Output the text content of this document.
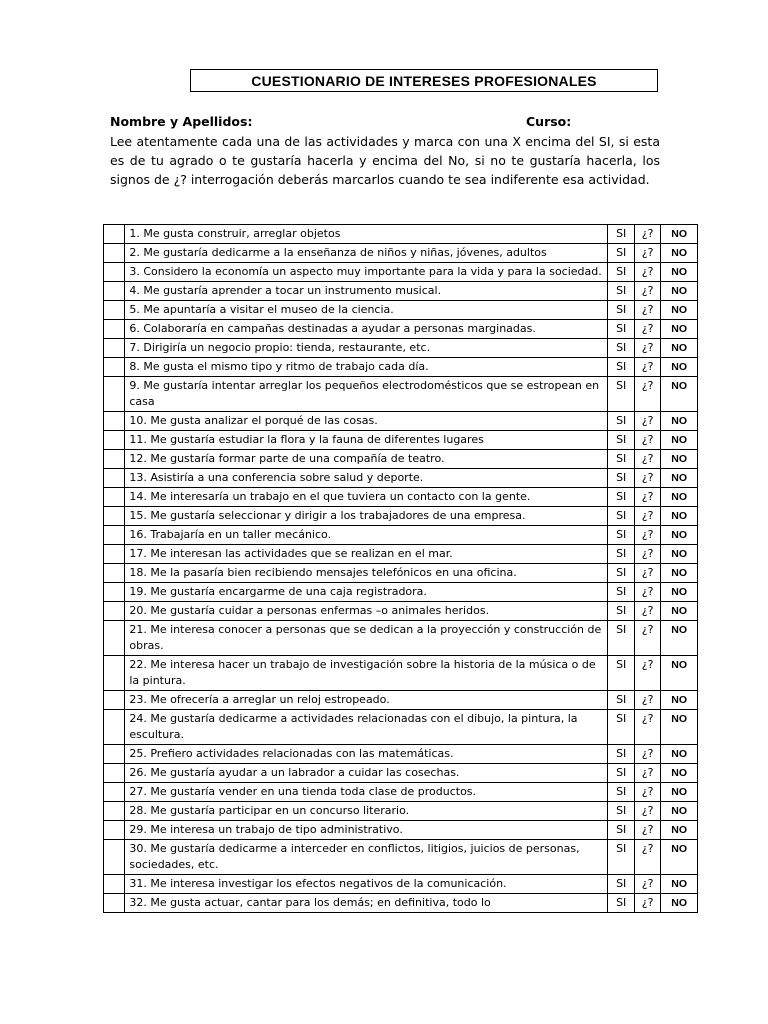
CUESTIONARIO DE INTERESES PROFESIONALES
Nombre y Apellidos:	Curso:
Lee atentamente cada una de las actividades y marca con una X encima del SI, si esta es de tu agrado o te gustaría hacerla y encima del No, si no te gustaría hacerla, los signos de ¿? interrogación deberás marcarlos cuando te sea indiferente esa actividad.
	1. Me gusta construir, arreglar objetos	SI	¿?	NO
	2. Me gustaría dedicarme a la enseñanza de niños y niñas, jóvenes, adultos	SI	¿?	NO
	3. Considero la economía un aspecto muy importante para la vida y para la sociedad.	SI	¿?	NO
	4. Me gustaría aprender a tocar un instrumento musical.	SI	¿?	NO
	5. Me apuntaría a visitar el museo de la ciencia.	SI	¿?	NO
	6. Colaboraría en campañas destinadas a ayudar a personas marginadas.	SI	¿?	NO
	7. Dirigiría un negocio propio: tienda, restaurante, etc.	SI	¿?	NO
	8. Me gusta el mismo tipo y ritmo de trabajo cada día.	SI	¿?	NO
	9. Me gustaría intentar arreglar los pequeños electrodomésticos que se estropean en casa	SI	¿?	NO
	10. Me gusta analizar el porqué de las cosas.	SI	¿?	NO
	11. Me gustaría estudiar la flora y la fauna de diferentes lugares	SI	¿?	NO
	12. Me gustaría formar parte de una compañía de teatro.	SI	¿?	NO
	13. Asistiría a una conferencia sobre salud y deporte.	SI	¿?	NO
	14. Me interesaría un trabajo en el que tuviera un contacto con la gente.	SI	¿?	NO
	15. Me gustaría seleccionar y dirigir a los trabajadores de una empresa.	SI	¿?	NO
	16. Trabajaría en un taller mecánico.	SI	¿?	NO
	17. Me interesan las actividades que se realizan en el mar.	SI	¿?	NO
	18. Me la pasaría bien recibiendo mensajes telefónicos en una oficina.	SI	¿?	NO
	19. Me gustaría encargarme de una caja registradora.	SI	¿?	NO
	20. Me gustaría cuidar a personas enfermas –o animales heridos.	SI	¿?	NO
	21. Me interesa conocer a personas que se dedican a la proyección y construcción de obras.	SI	¿?	NO
	22. Me interesa hacer un trabajo de investigación sobre la historia de la música o de la pintura.	SI	¿?	NO
	23. Me ofrecería a arreglar un reloj estropeado.	SI	¿?	NO
	24. Me gustaría dedicarme a actividades relacionadas con el dibujo, la pintura, la escultura.	SI	¿?	NO
	25. Prefiero actividades relacionadas con las matemáticas.	SI	¿?	NO
	26. Me gustaría ayudar a un labrador a cuidar las cosechas.	SI	¿?	NO
	27. Me gustaría vender en una tienda toda clase de productos.	SI	¿?	NO
	28. Me gustaría participar en un concurso literario.	SI	¿?	NO
	29. Me interesa un trabajo de tipo administrativo.	SI	¿?	NO
	30. Me gustaría dedicarme a interceder en conflictos, litigios, juicios de personas, sociedades, etc.	SI	¿?	NO
	31. Me interesa investigar los efectos negativos de la comunicación.	SI	¿?	NO
	32. Me gusta actuar, cantar para los demás; en definitiva, todo lo	SI	¿?	NO
